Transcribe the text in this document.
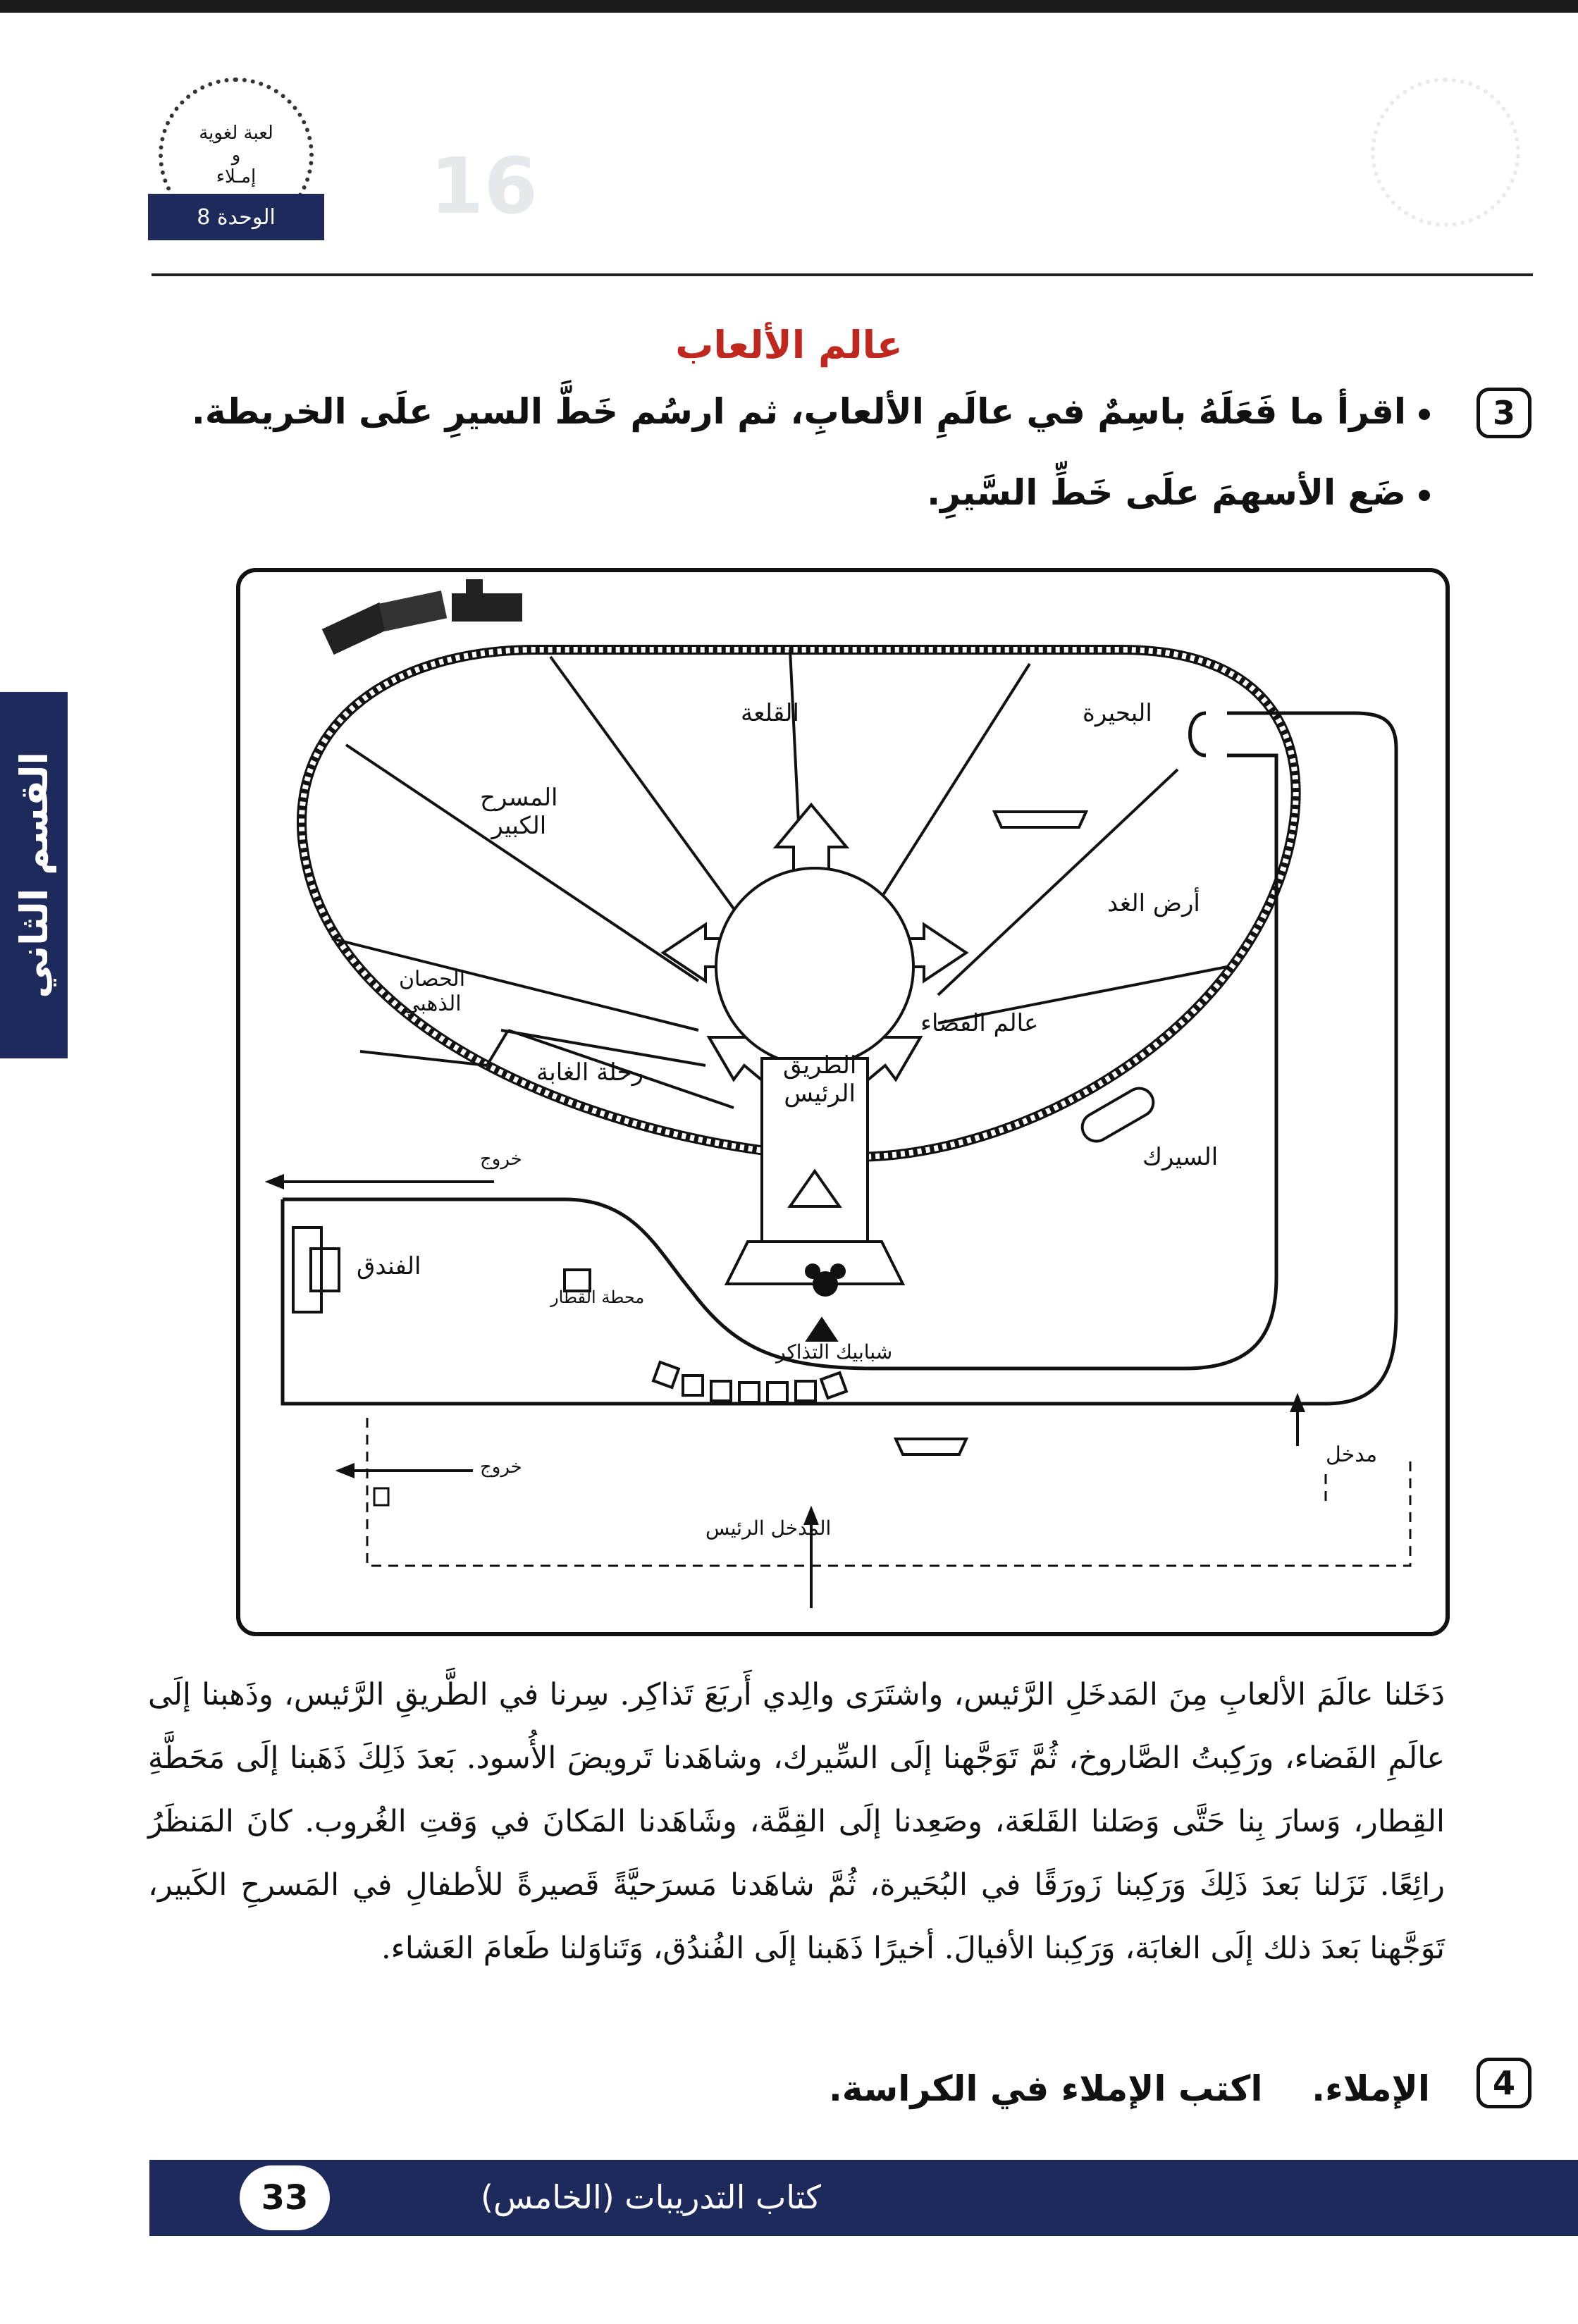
16
لعبة لغوية
و
إمـلاء
الوحدة 8
القسم الثاني
عالم الألعاب
3
اقرأ ما فَعَلَهُ باسِمٌ في عالَمِ الألعابِ، ثم ارسُم خَطَّ السيرِ علَى الخريطة.
ضَع الأسهمَ علَى خَطِّ السَّيرِ.
القلعة	البحيرة
المسرح
الكبير
أرض الغد
الحصان
الذهبي
عالم الفضاء
رحلة الغابة	الطريق
الرئيس
السيرك
خروج
محطة القطار
الفندق
شبابيك التذاكر
خروج	مدخل
المدخل الرئيس
دَخَلنا عالَمَ الألعابِ مِنَ المَدخَلِ الرَّئيس، واشتَرَى والِدي أَربَعَ تَذاكِر. سِرنا في الطَّريقِ الرَّئيس، وذَهبنا إلَى عالَمِ الفَضاء، ورَكِبتُ الصَّاروخ، ثُمَّ تَوَجَّهنا إلَى السِّيرك، وشاهَدنا تَرويضَ الأُسود. بَعدَ ذَلِكَ ذَهَبنا إلَى مَحَطَّةِ القِطار، وَسارَ بِنا حَتَّى وَصَلنا القَلعَة، وصَعِدنا إلَى القِمَّة، وشَاهَدنا المَكانَ في وَقتِ الغُروب. كانَ المَنظَرُ رائِعًا. نَزَلنا بَعدَ ذَلِكَ وَرَكِبنا زَورَقًا في البُحَيرة، ثُمَّ شاهَدنا مَسرَحيَّةً قَصيرةً للأطفالِ في المَسرحِ الكَبير، تَوَجَّهنا بَعدَ ذلك إلَى الغابَة، وَرَكِبنا الأفيالَ. أخيرًا ذَهَبنا إلَى الفُندُق، وَتَناوَلنا طَعامَ العَشاء.
4
الإملاء.    اكتب الإملاء في الكراسة.
33	كتاب التدريبات (الخامس)
